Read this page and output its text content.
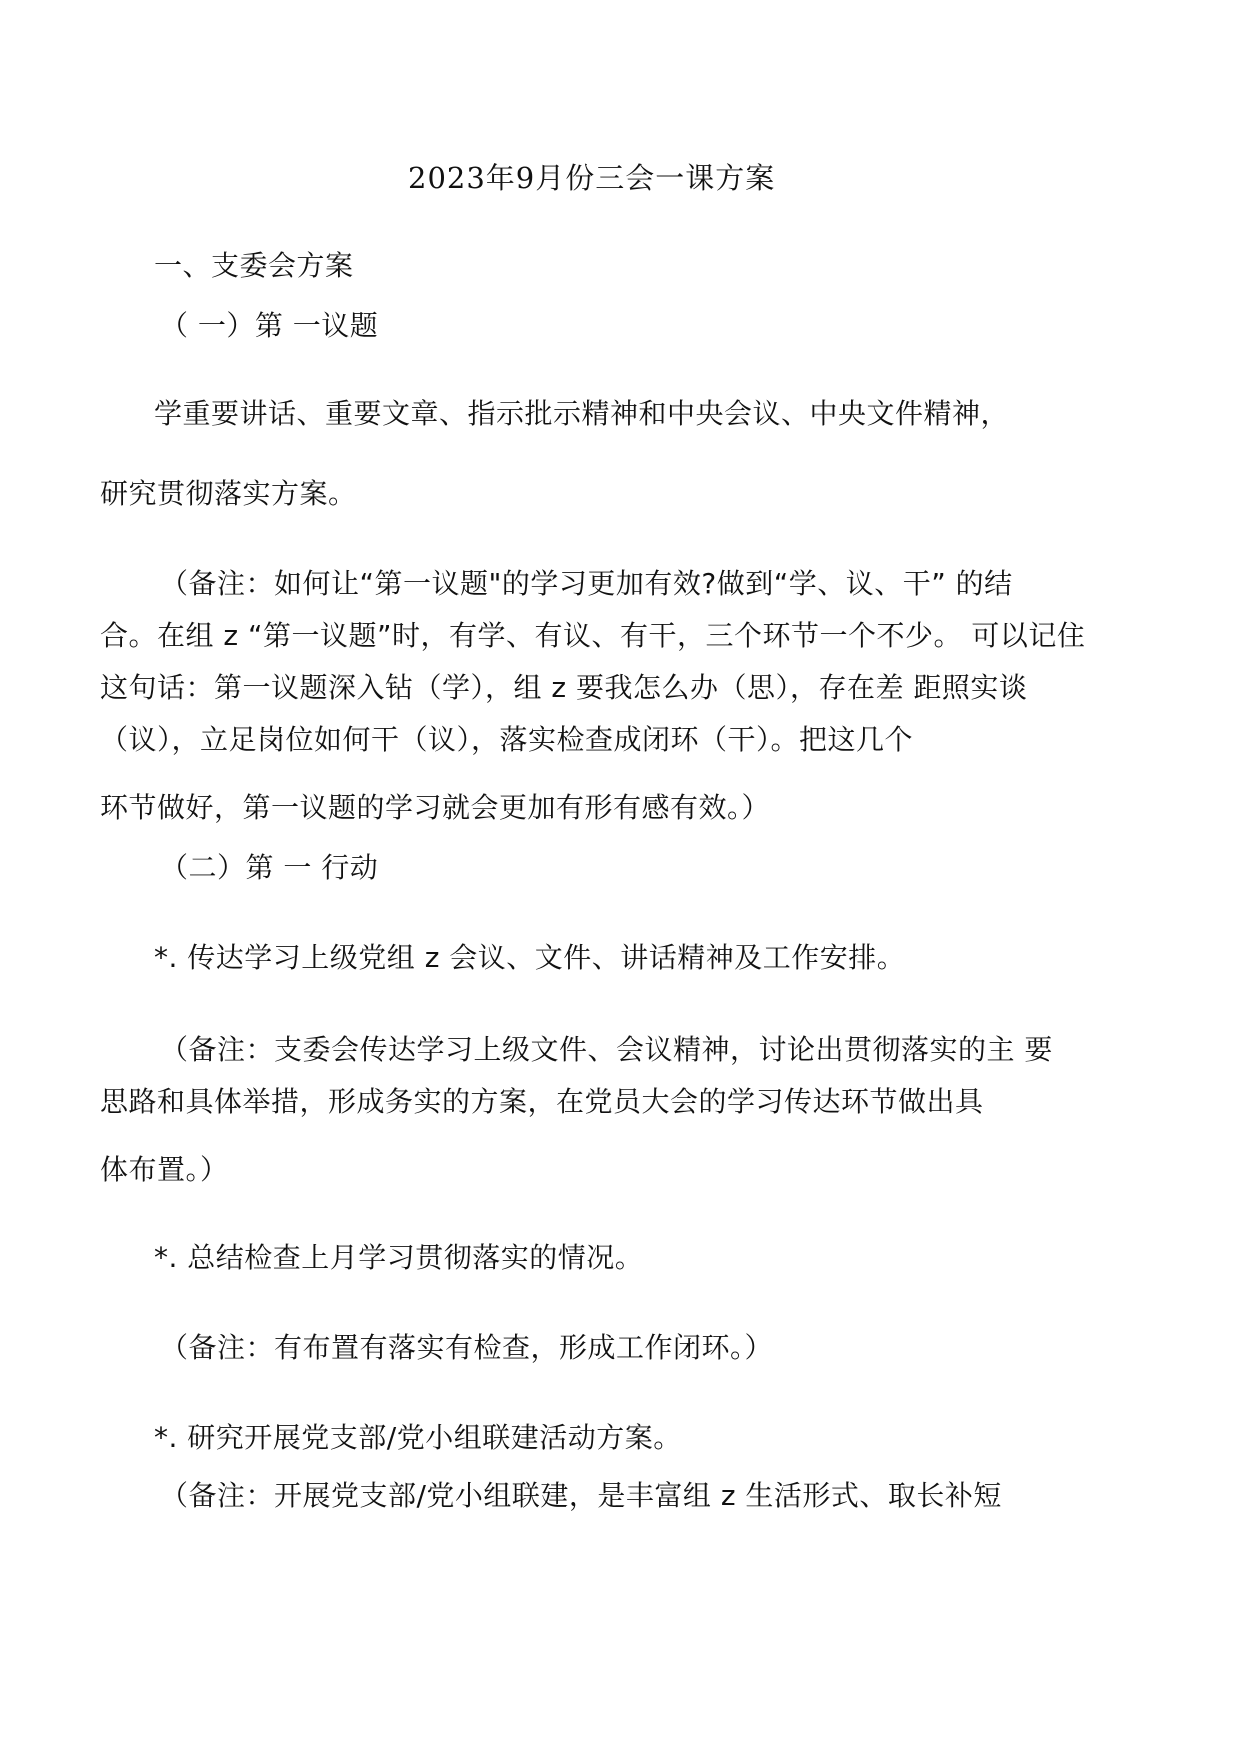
2023年9月份三会一课方案
一、支委会方案
（ 一）第 一议题
学重要讲话、重要文章、指示批示精神和中央会议、中央文件精神，
研究贯彻落实方案。
（备注：如何让“第一议题"的学习更加有效?做到“学、议、干” 的结
合。在组 z “第一议题”时，有学、有议、有干，三个环节一个不少。 可以记住
这句话：第一议题深入钻（学），组 z 要我怎么办（思），存在差 距照实谈
（议），立足岗位如何干（议），落实检查成闭环（干）。把这几个
环节做好，第一议题的学习就会更加有形有感有效。）
（二）第 一 行动
*. 传达学习上级党组 z 会议、文件、讲话精神及工作安排。
（备注：支委会传达学习上级文件、会议精神，讨论出贯彻落实的主 要
思路和具体举措，形成务实的方案，在党员大会的学习传达环节做出具
体布置。）
*. 总结检查上月学习贯彻落实的情况。
（备注：有布置有落实有检查，形成工作闭环。）
*. 研究开展党支部/党小组联建活动方案。
（备注：开展党支部/党小组联建，是丰富组 z 生活形式、取长补短
